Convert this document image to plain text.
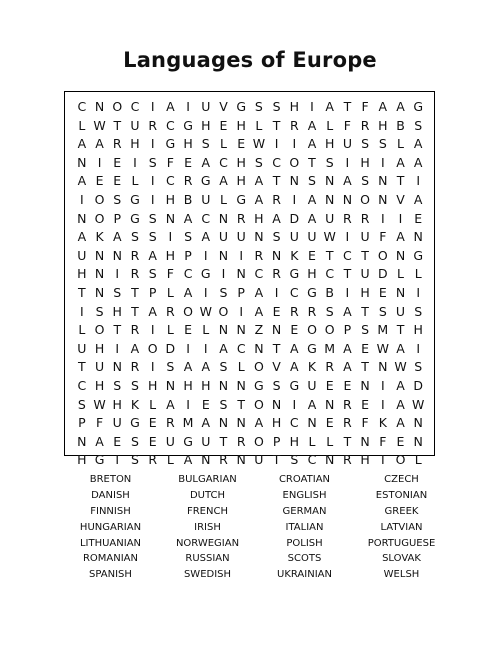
Languages of Europe
C N O C I A I U V G S S H I A T F A A G
L W T U R C G H E H L T R A L F R H B S
A A R H I G H S L E W I	I A H U S S L A
N I E I S F E A C H S C O T S I H I A A
A E E L I C R G A H A T N S N A S N T I
I O S G I H B U L G A R I A N N O N V A
N O P G S N A C N R H A D A U R R I	I E
A K A S S I S A U U N S U U W I U F A N
U N N R A H P I N I R N K E T C T O N G
H N I R S F C G I N C R G H C T U D L L
T N S T P L A I S P A I C G B I H E N I
I S H T A R O W O I A E R R S A T S U S
L O T R I L E L N N Z N E O O P S M T H
U H I A O D I	I A C N T A G M A E W A I
T U N R I S A A S L O V A K R A T N W S
C H S S H N H H N N G S G U E E N I A D
S W H K L A I E S T O N I A N R E I A W
P F U G E R M A N N A H C N E R F K A N
N A E S E U G U T R O P H L L T N F E N
H G I S R L A N R N U T S C N R H I O L
BRETON	BULGARIAN	CROATIAN	CZECH
DANISH	DUTCH	ENGLISH	ESTONIAN
FINNISH	FRENCH	GERMAN	GREEK
HUNGARIAN	IRISH	ITALIAN	LATVIAN
LITHUANIAN	NORWEGIAN	POLISH	PORTUGUESE
ROMANIAN	RUSSIAN	SCOTS	SLOVAK
SPANISH	SWEDISH	UKRAINIAN	WELSH
